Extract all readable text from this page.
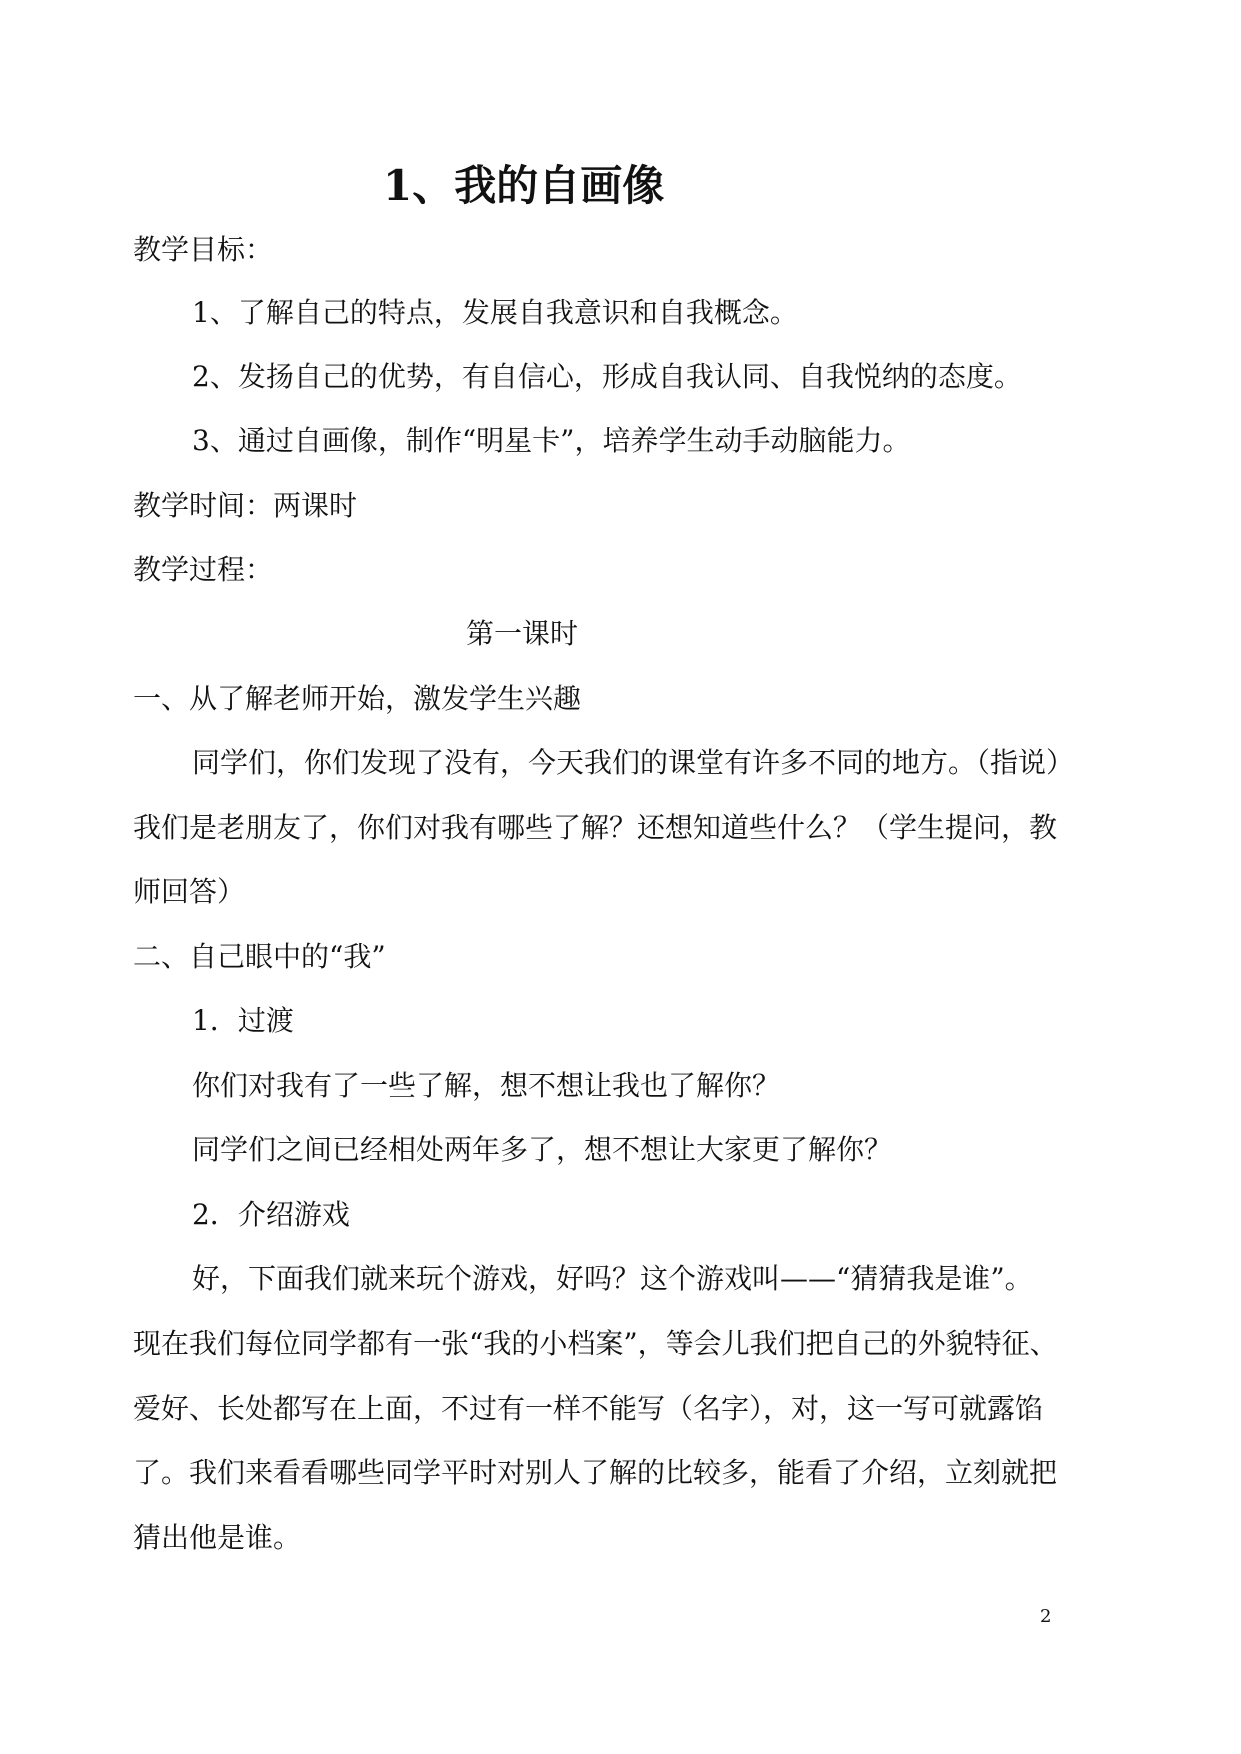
1、我的自画像
教学目标：
1、了解自己的特点，发展自我意识和自我概念。
2、发扬自己的优势，有自信心，形成自我认同、自我悦纳的态度。
3、通过自画像，制作“明星卡”，培养学生动手动脑能力。
教学时间：两课时
教学过程：
第一课时
一、从了解老师开始，激发学生兴趣
同学们，你们发现了没有，今天我们的课堂有许多不同的地方。（指说）
我们是老朋友了，你们对我有哪些了解？还想知道些什么？（学生提问，教
师回答）
二、自己眼中的“我”
1．过渡
你们对我有了一些了解，想不想让我也了解你？
同学们之间已经相处两年多了，想不想让大家更了解你？
2．介绍游戏
好，下面我们就来玩个游戏，好吗？这个游戏叫——“猜猜我是谁”。
现在我们每位同学都有一张“我的小档案”，等会儿我们把自己的外貌特征、
爱好、长处都写在上面，不过有一样不能写（名字），对，这一写可就露馅
了。我们来看看哪些同学平时对别人了解的比较多，能看了介绍，立刻就把
猜出他是谁。
2
